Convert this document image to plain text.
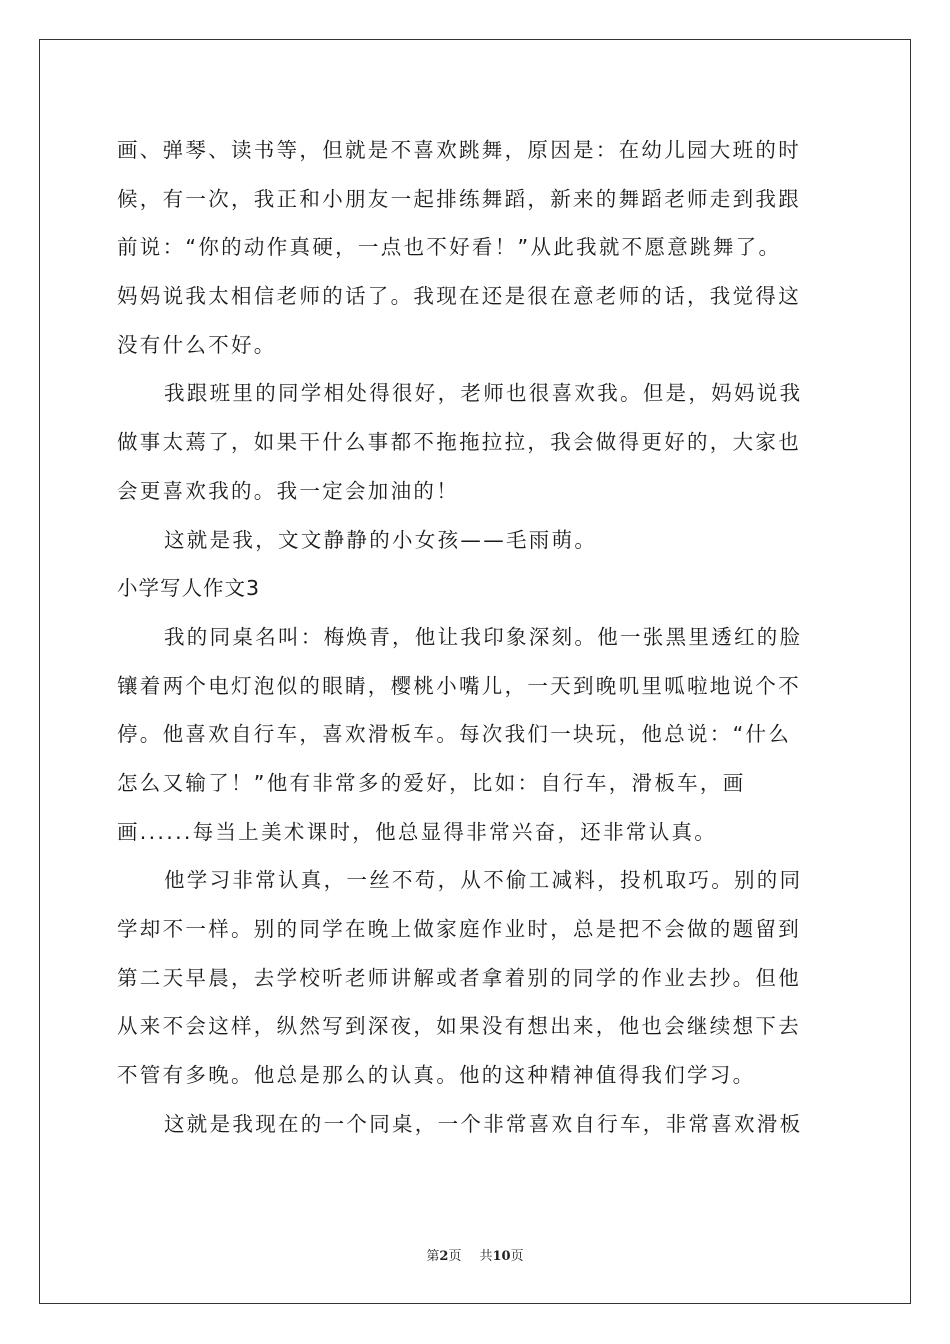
画、弹琴、读书等，但就是不喜欢跳舞，原因是：在幼儿园大班的时
候，有一次，我正和小朋友一起排练舞蹈，新来的舞蹈老师走到我跟
前说：“你的动作真硬，一点也不好看！”从此我就不愿意跳舞了。
妈妈说我太相信老师的话了。我现在还是很在意老师的话，我觉得这
没有什么不好。
我跟班里的同学相处得很好，老师也很喜欢我。但是，妈妈说我
做事太蔫了，如果干什么事都不拖拖拉拉，我会做得更好的，大家也
会更喜欢我的。我一定会加油的！
这就是我，文文静静的小女孩——毛雨萌。
小学写人作文3
我的同桌名叫：梅焕青，他让我印象深刻。他一张黑里透红的脸
镶着两个电灯泡似的眼睛，樱桃小嘴儿，一天到晚叽里呱啦地说个不
停。他喜欢自行车，喜欢滑板车。每次我们一块玩，他总说：“什么
怎么又输了！”他有非常多的爱好，比如：自行车，滑板车，画
画......每当上美术课时，他总显得非常兴奋，还非常认真。
他学习非常认真，一丝不苟，从不偷工减料，投机取巧。别的同
学却不一样。别的同学在晚上做家庭作业时，总是把不会做的题留到
第二天早晨，去学校听老师讲解或者拿着别的同学的作业去抄。但他
从来不会这样，纵然写到深夜，如果没有想出来，他也会继续想下去
不管有多晚。他总是那么的认真。他的这种精神值得我们学习。
这就是我现在的一个同桌，一个非常喜欢自行车，非常喜欢滑板
第2页 共10页
